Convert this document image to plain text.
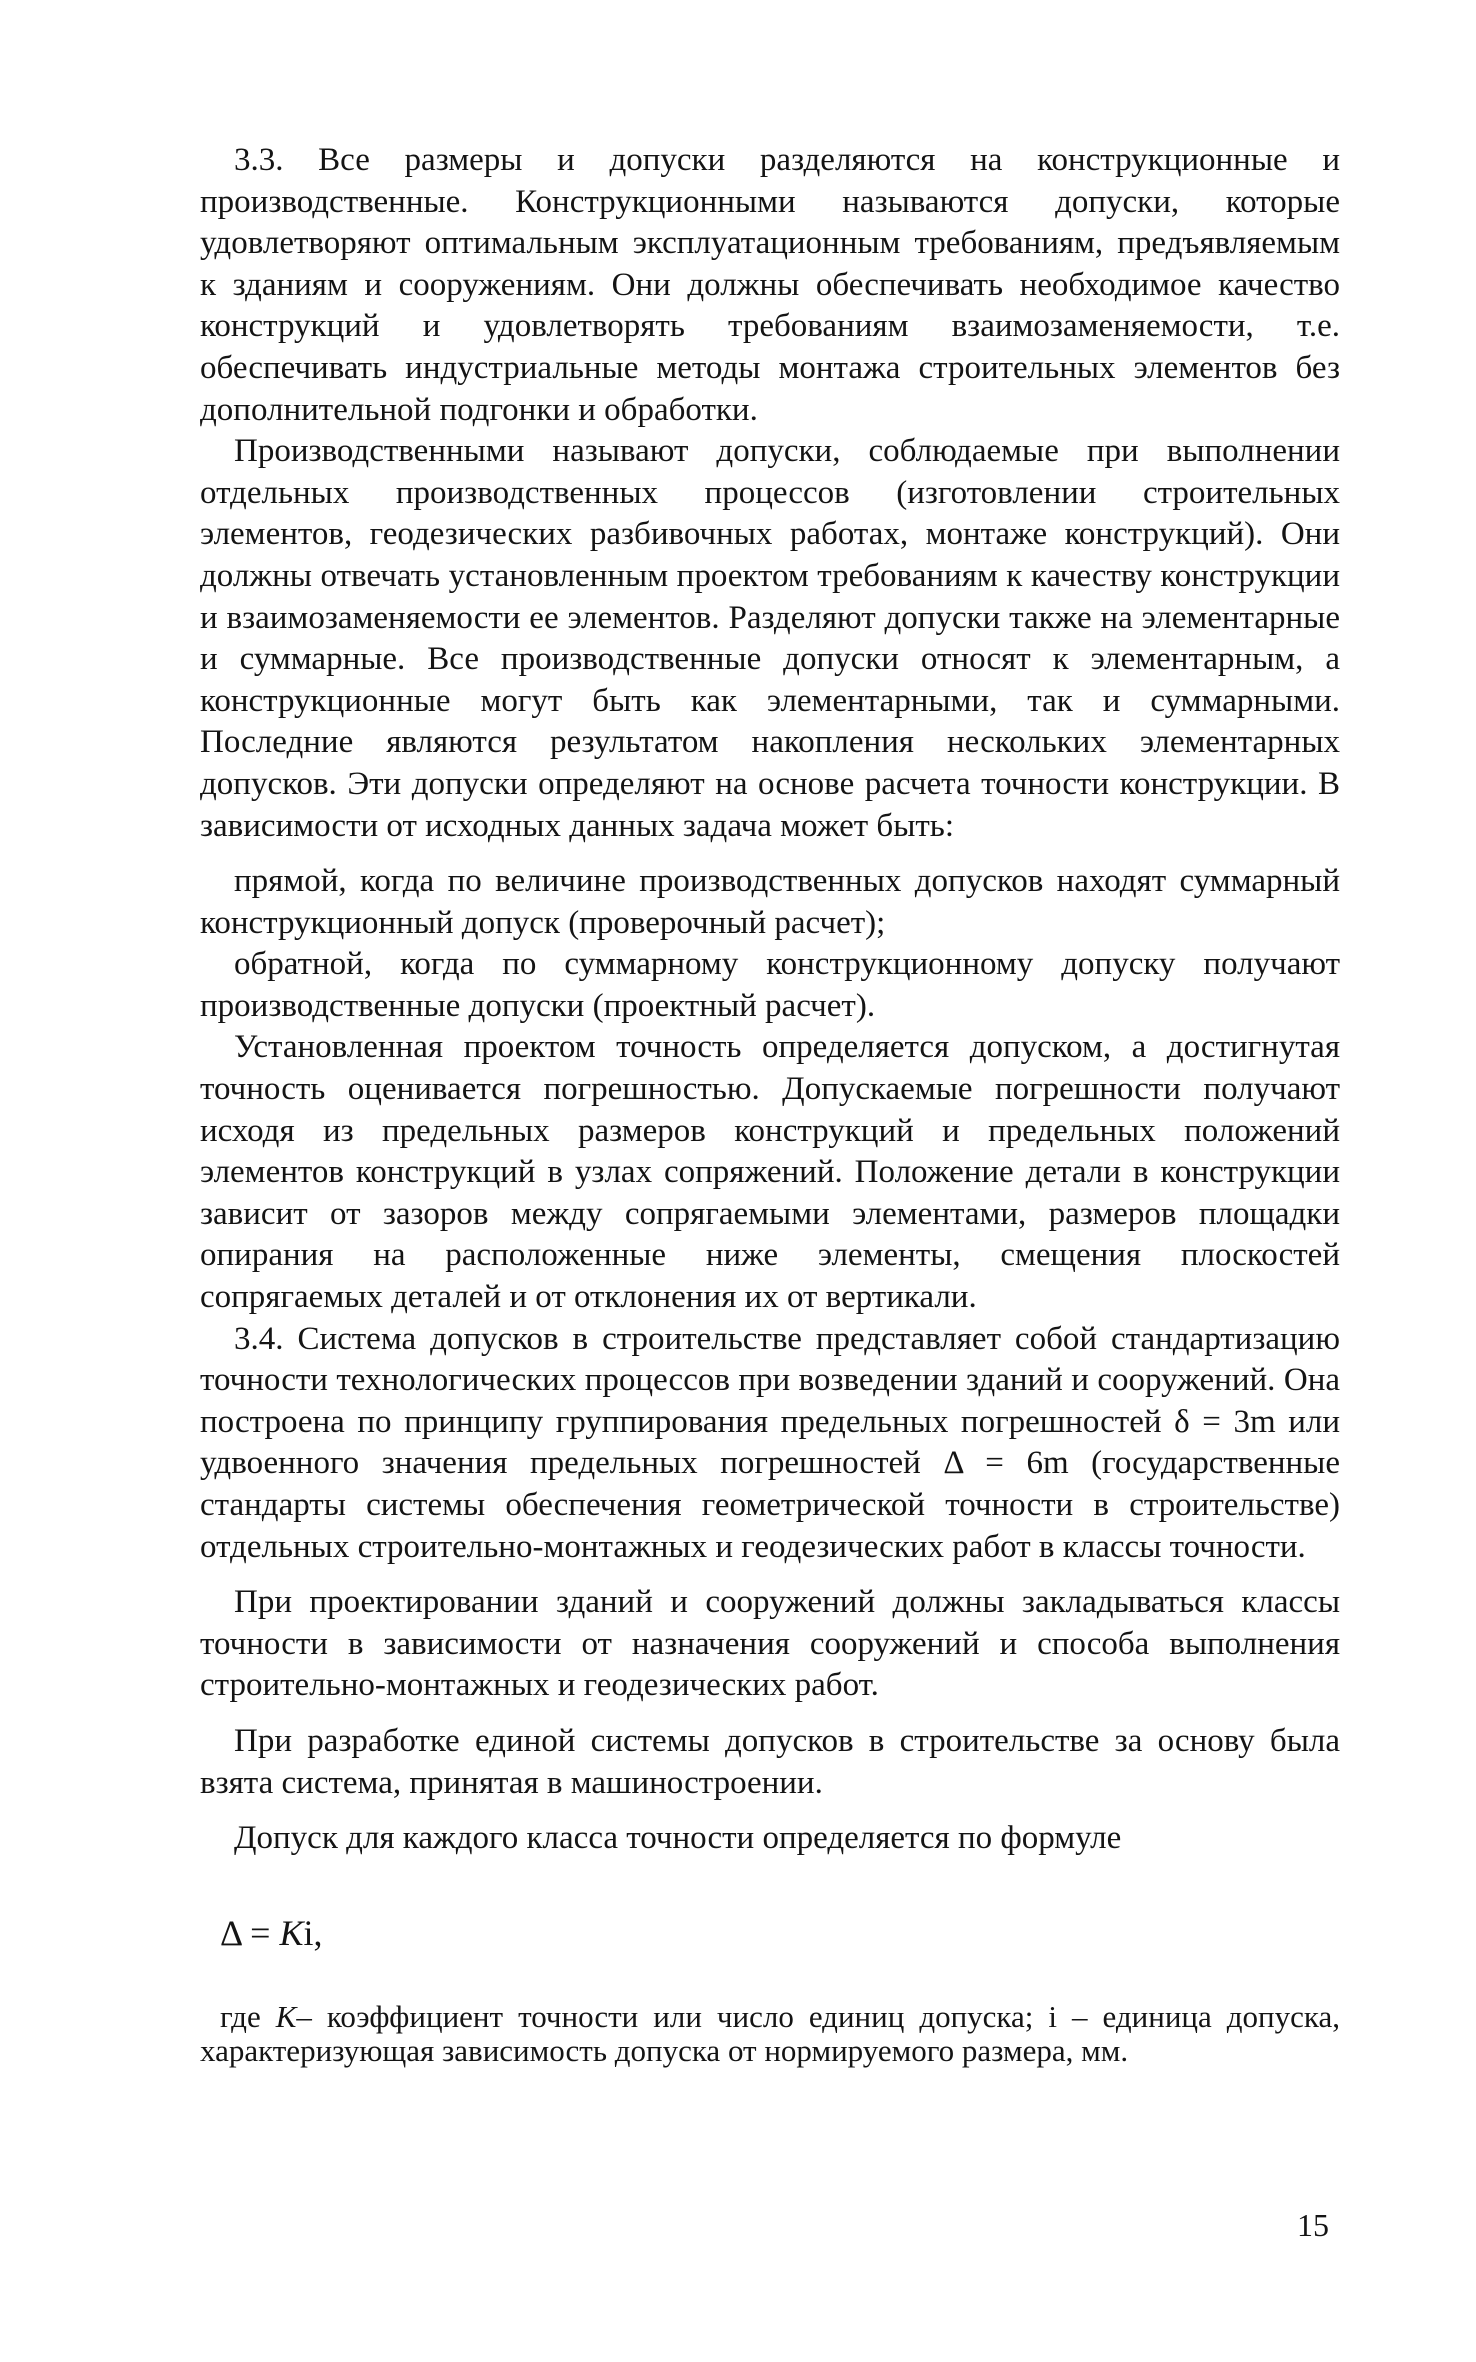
3.3. Все размеры и допуски разделяются на конструкционные и производственные. Конструкционными называются допуски, которые удовлетворяют оптимальным эксплуатационным требованиям, предъявляемым к зданиям и сооружениям. Они должны обеспечивать необходимое качество конструкций и удовлетворять требованиям взаимозаменяемости, т.е. обеспечивать индустриальные методы монтажа строительных элементов без дополнительной подгонки и обработки.

Производственными называют допуски, соблюдаемые при выполнении отдельных производственных процессов (изготовлении строительных элементов, геодезических разбивочных работах, монтаже конструкций). Они должны отвечать установленным проектом требованиям к качеству конструкции и взаимозаменяемости ее элементов. Разделяют допуски также на элементарные и суммарные. Все производственные допуски относят к элементарным, а конструкционные могут быть как элементарными, так и суммарными. Последние являются результатом накопления нескольких элементарных допусков. Эти допуски определяют на основе расчета точности конструкции. В зависимости от исходных данных задача может быть:

прямой, когда по величине производственных допусков находят суммарный конструкционный допуск (проверочный расчет);

обратной, когда по суммарному конструкционному допуску получают производственные допуски (проектный расчет).

Установленная проектом точность определяется допуском, а достигнутая точность оценивается погрешностью. Допускаемые погрешности получают исходя из предельных размеров конструкций и предельных положений элементов конструкций в узлах сопряжений. Положение детали в конструкции зависит от зазоров между сопрягаемыми элементами, размеров площадки опирания на расположенные ниже элементы, смещения плоскостей сопрягаемых деталей и от отклонения их от вертикали.

3.4. Система допусков в строительстве представляет собой стандартизацию точности технологических процессов при возведении зданий и сооружений. Она построена по принципу группирования предельных погрешностей δ = 3m или удвоенного значения предельных погрешностей Δ = 6m (государственные стандарты системы обеспечения геометрической точности в строительстве) отдельных строительно-монтажных и геодезических работ в классы точности.

При проектировании зданий и сооружений должны закладываться классы точности в зависимости от назначения сооружений и способа выполнения строительно-монтажных и геодезических работ.

При разработке единой системы допусков в строительстве за основу была взята система, принятая в машиностроении.

Допуск для каждого класса точности определяется по формуле

Δ = Ki,

где K– коэффициент точности или число единиц допуска; i – единица допуска, характеризующая зависимость допуска от нормируемого размера, мм.

15
